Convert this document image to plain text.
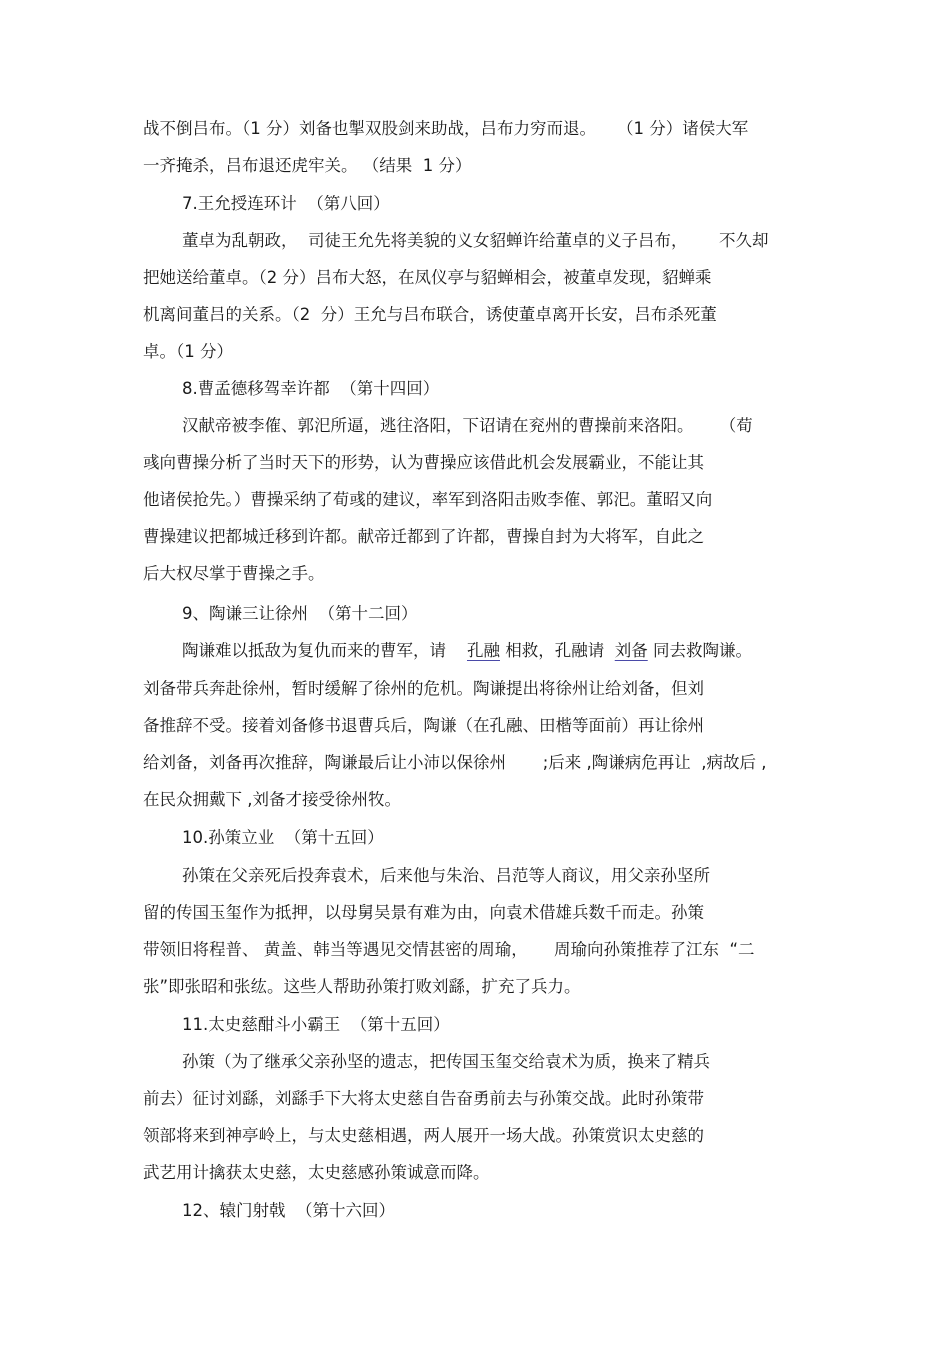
战不倒吕布。（1 分）刘备也掣双股剑来助战，吕布力穷而退。    （1 分）诸侯大军
一齐掩杀，吕布退还虎牢关。 （结果  1 分）
7.王允授连环计  （第八回）
董卓为乱朝政，  司徒王允先将美貌的义女貂蝉许给董卓的义子吕布，      不久却
把她送给董卓。（2 分）吕布大怒，在凤仪亭与貂蝉相会，被董卓发现，貂蝉乘
机离间董吕的关系。（2  分）王允与吕布联合，诱使董卓离开长安，吕布杀死董
卓。（1 分）
8.曹孟德移驾幸许都  （第十四回）
汉献帝被李傕、郭汜所逼，逃往洛阳，下诏请在兖州的曹操前来洛阳。     （荀
彧向曹操分析了当时天下的形势，认为曹操应该借此机会发展霸业，不能让其
他诸侯抢先。）曹操采纳了荀彧的建议，率军到洛阳击败李傕、郭汜。董昭又向
曹操建议把都城迁移到许都。献帝迁都到了许都，曹操自封为大将军，自此之
后大权尽掌于曹操之手。
9、陶谦三让徐州  （第十二回）
陶谦难以抵敌为复仇而来的曹军，请    孔融 相救，孔融请  刘备 同去救陶谦。
刘备带兵奔赴徐州，暂时缓解了徐州的危机。陶谦提出将徐州让给刘备，但刘
备推辞不受。接着刘备修书退曹兵后，陶谦（在孔融、田楷等面前）再让徐州
给刘备，刘备再次推辞，陶谦最后让小沛以保徐州       ;后来 ,陶谦病危再让  ,病故后 ,
在民众拥戴下 ,刘备才接受徐州牧。
10.孙策立业  （第十五回）
孙策在父亲死后投奔袁术，后来他与朱治、吕范等人商议，用父亲孙坚所
留的传国玉玺作为抵押，以母舅吴景有难为由，向袁术借雄兵数千而走。孙策
带领旧将程普、 黄盖、韩当等遇见交情甚密的周瑜，     周瑜向孙策推荐了江东  “二
张”即张昭和张纮。这些人帮助孙策打败刘繇，扩充了兵力。
11.太史慈酣斗小霸王  （第十五回）
孙策（为了继承父亲孙坚的遗志，把传国玉玺交给袁术为质，换来了精兵
前去）征讨刘繇，刘繇手下大将太史慈自告奋勇前去与孙策交战。此时孙策带
领部将来到神亭岭上，与太史慈相遇，两人展开一场大战。孙策赏识太史慈的
武艺用计擒获太史慈，太史慈感孙策诚意而降。
12、辕门射戟  （第十六回）
